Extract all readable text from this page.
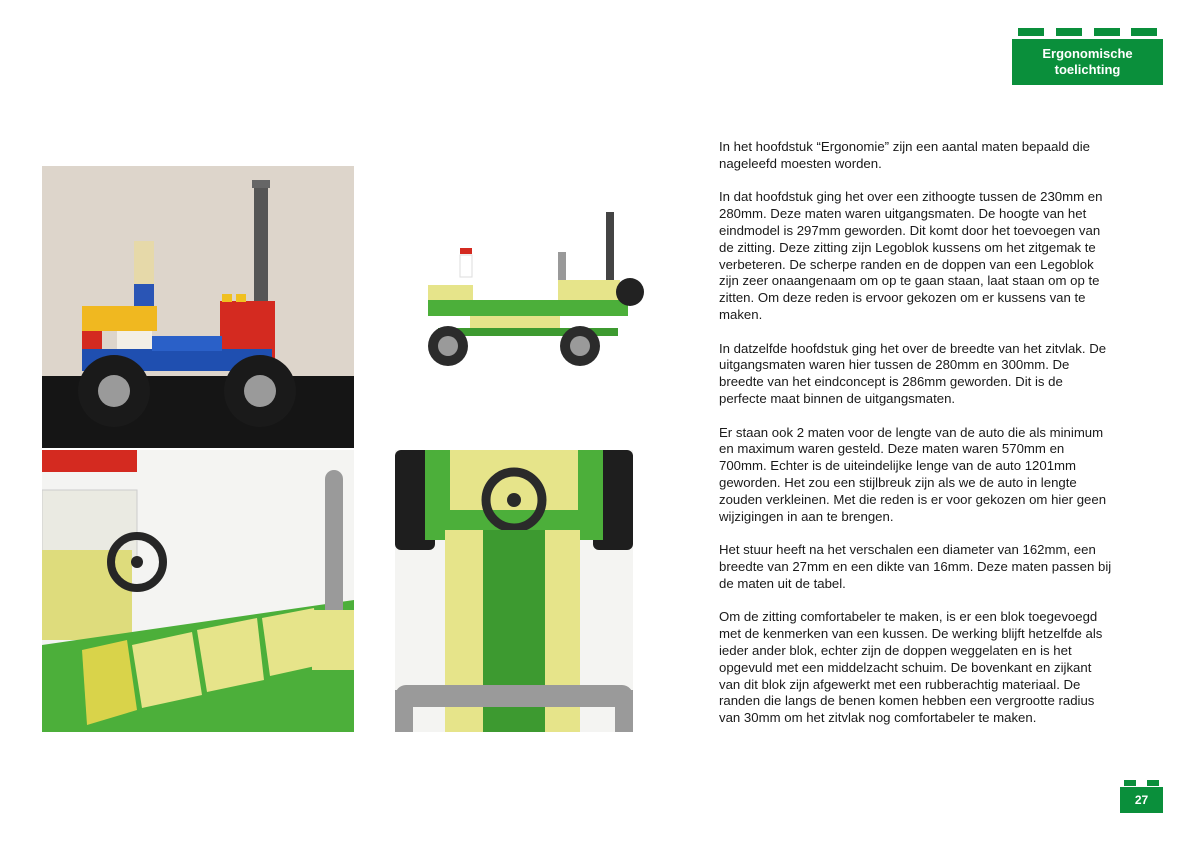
Ergonomische toelichting

In het hoofdstuk “Ergonomie” zijn een aantal maten bepaald die nageleefd moesten worden.

In dat hoofdstuk ging het over een zithoogte tussen de 230mm en 280mm. Deze maten waren uitgangsmaten. De hoogte van het eindmodel is 297mm geworden. Dit komt door het toevoegen van de zitting. Deze zitting zijn Legoblok kussens om het zitgemak te verbeteren. De scherpe randen en de doppen van een Legoblok zijn zeer onaangenaam om op te gaan staan, laat staan om op te zitten. Om deze reden is ervoor gekozen om er kussens van te maken.

In datzelfde hoofdstuk ging het over de breedte van het zitvlak. De uitgangsmaten waren hier tussen de 280mm en 300mm. De breedte van het eindconcept is 286mm geworden. Dit is de perfecte maat binnen de uitgangsmaten.

Er staan ook 2 maten voor de lengte van de auto die als minimum en maximum waren gesteld. Deze maten waren 570mm en 700mm. Echter is de uiteindelijke lenge van de auto 1201mm geworden. Het zou een stijlbreuk zijn als we de auto in lengte zouden verkleinen. Met die reden is er voor gekozen om hier geen wijzigingen in aan te brengen.

Het stuur heeft na het verschalen een diameter van 162mm, een breedte van 27mm en een dikte van 16mm. Deze maten passen bij de maten uit de tabel.

Om de zitting comfortabeler te maken, is er een blok toegevoegd met de kenmerken van een kussen. De werking blijft hetzelfde als ieder ander blok, echter zijn de doppen weggelaten en is het opgevuld met een middelzacht schuim. De bovenkant en zijkant van dit blok zijn afgewerkt met een rubberachtig materiaal. De randen die langs de benen komen hebben een vergrootte radius van 30mm om het zitvlak nog comfortabeler te maken.

27
